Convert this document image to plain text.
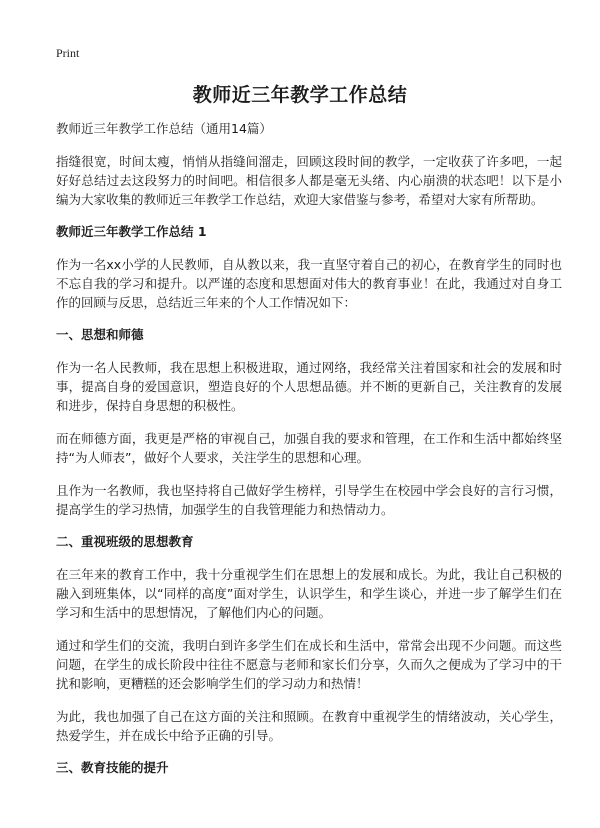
Print
教师近三年教学工作总结
教师近三年教学工作总结（通用14篇）

指缝很宽，时间太瘦，悄悄从指缝间溜走，回顾这段时间的教学，一定收获了许多吧，一起好好总结过去这段努力的时间吧。相信很多人都是毫无头绪、内心崩溃的状态吧！以下是小编为大家收集的教师近三年教学工作总结，欢迎大家借鉴与参考，希望对大家有所帮助。

教师近三年教学工作总结 1

作为一名xx小学的人民教师，自从教以来，我一直坚守着自己的初心，在教育学生的同时也不忘自我的学习和提升。以严谨的态度和思想面对伟大的教育事业！在此，我通过对自身工作的回顾与反思，总结近三年来的个人工作情况如下：

一、思想和师德

作为一名人民教师，我在思想上积极进取，通过网络，我经常关注着国家和社会的发展和时事，提高自身的爱国意识，塑造良好的个人思想品德。并不断的更新自己，关注教育的发展和进步，保持自身思想的积极性。

而在师德方面，我更是严格的审视自己，加强自我的要求和管理，在工作和生活中都始终坚持“为人师表”，做好个人要求，关注学生的思想和心理。

且作为一名教师，我也坚持将自己做好学生榜样，引导学生在校园中学会良好的言行习惯，提高学生的学习热情，加强学生的自我管理能力和热情动力。

二、重视班级的思想教育

在三年来的教育工作中，我十分重视学生们在思想上的发展和成长。为此，我让自己积极的融入到班集体，以“同样的高度”面对学生，认识学生，和学生谈心，并进一步了解学生们在学习和生活中的思想情况，了解他们内心的问题。

通过和学生们的交流，我明白到许多学生们在成长和生活中，常常会出现不少问题。而这些问题，在学生的成长阶段中往往不愿意与老师和家长们分享，久而久之便成为了学习中的干扰和影响，更糟糕的还会影响学生们的学习动力和热情！

为此，我也加强了自己在这方面的关注和照顾。在教育中重视学生的情绪波动，关心学生，热爱学生，并在成长中给予正确的引导。

三、教育技能的提升
